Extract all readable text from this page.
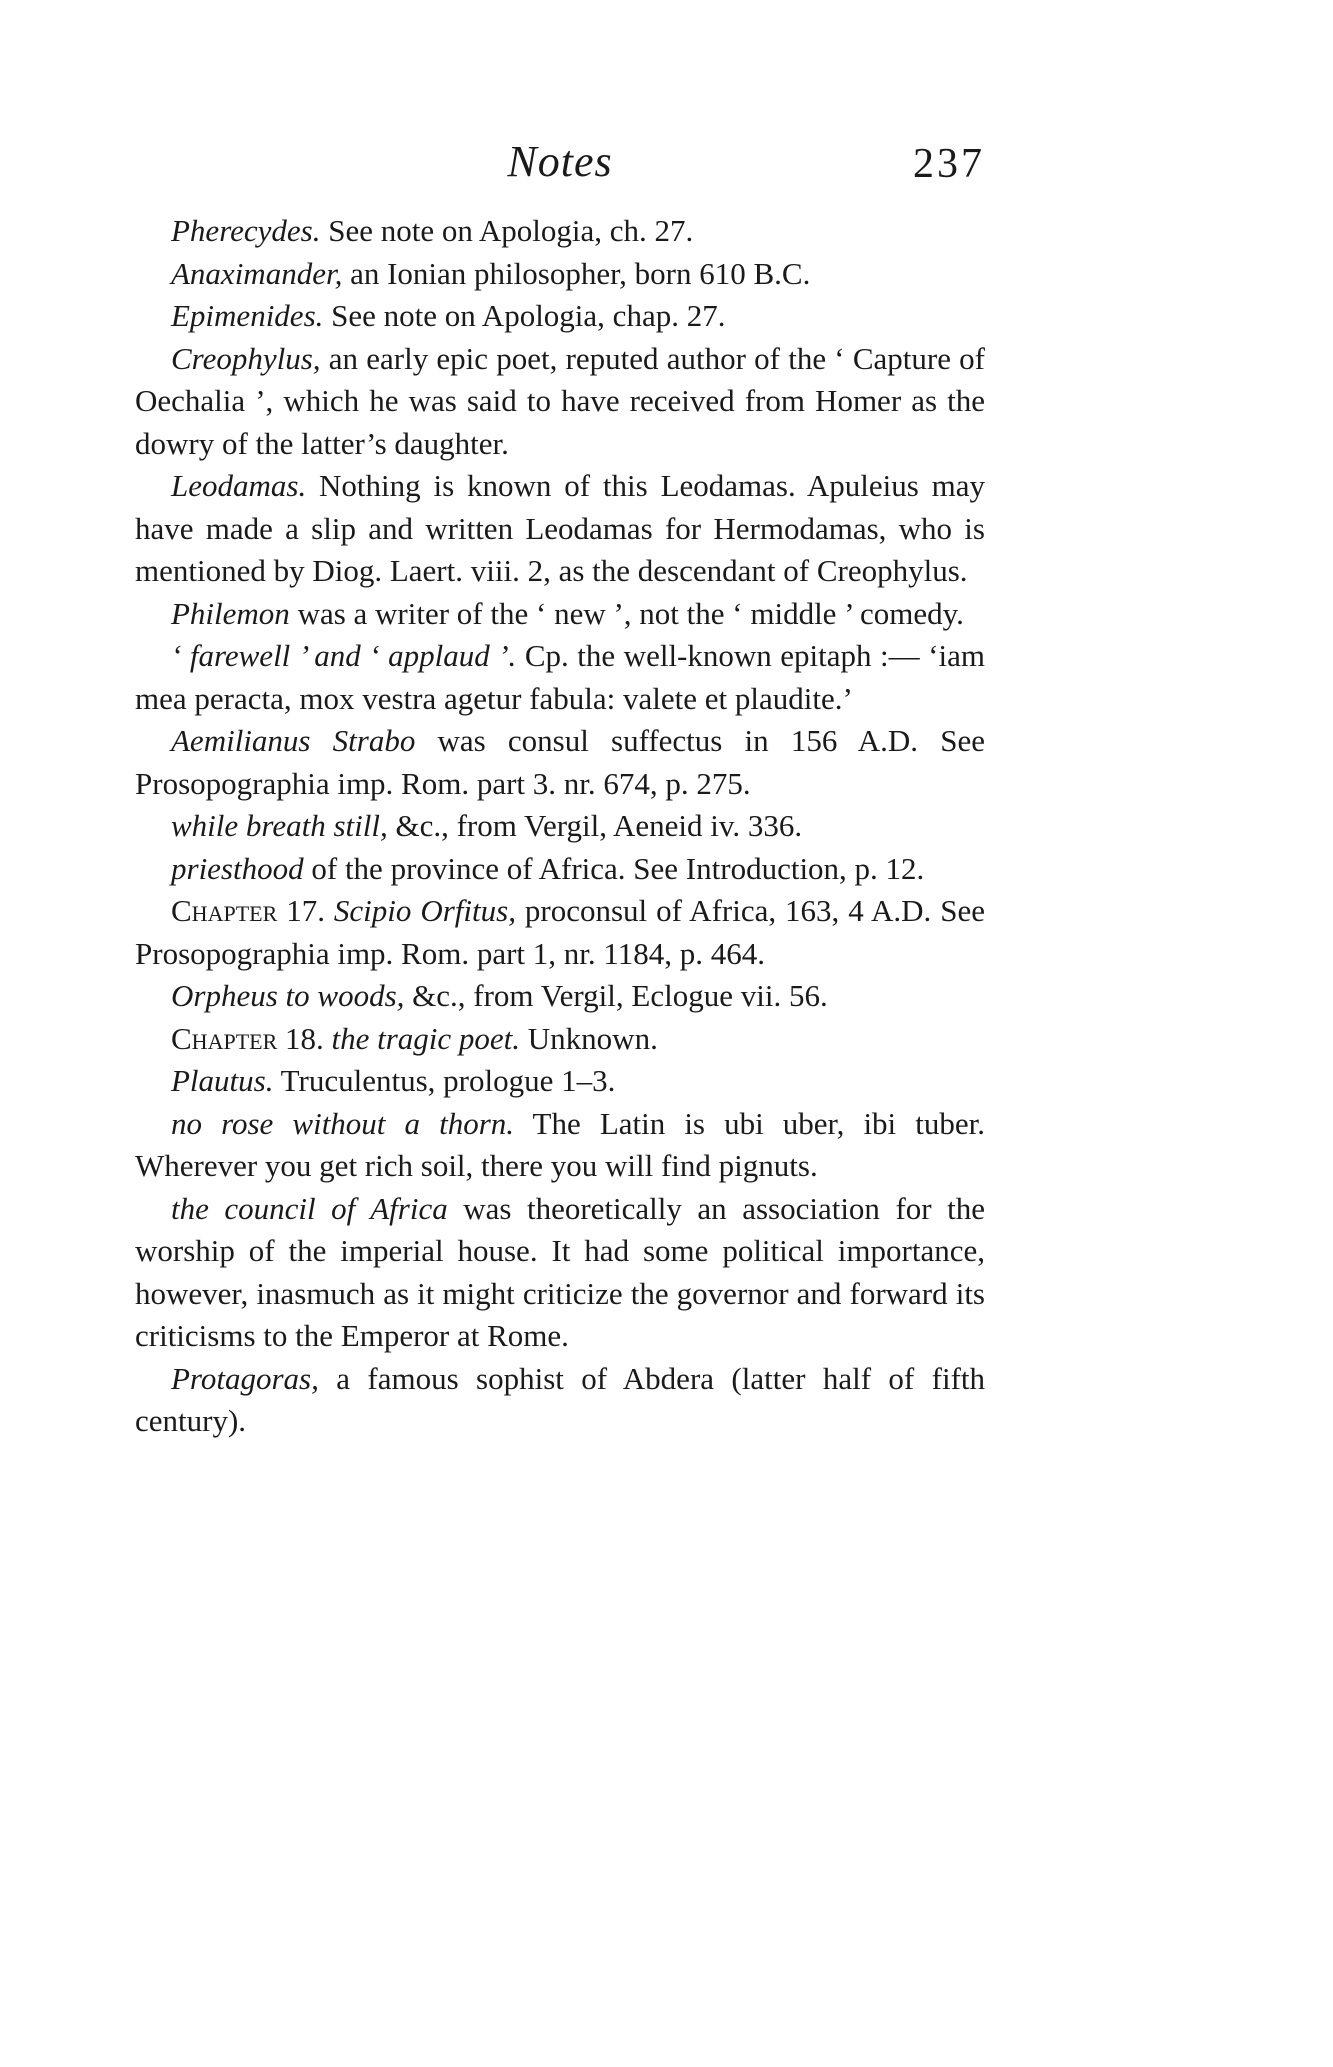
Notes	237

Pherecydes. See note on Apologia, ch. 27.

Anaximander, an Ionian philosopher, born 610 B.C.

Epimenides. See note on Apologia, chap. 27.

Creophylus, an early epic poet, reputed author of the ‘ Capture of Oechalia ’, which he was said to have received from Homer as the dowry of the latter’s daughter.

Leodamas. Nothing is known of this Leodamas. Apuleius may have made a slip and written Leodamas for Hermodamas, who is mentioned by Diog. Laert. viii. 2, as the descendant of Creophylus.

Philemon was a writer of the ‘ new ’, not the ‘ middle ’ comedy.

‘ farewell ’ and ‘ applaud ’. Cp. the well-known epitaph :— ‘iam mea peracta, mox vestra agetur fabula: valete et plaudite.’

Aemilianus Strabo was consul suffectus in 156 A.D. See Prosopographia imp. Rom. part 3. nr. 674, p. 275.

while breath still, &c., from Vergil, Aeneid iv. 336.

priesthood of the province of Africa. See Introduction, p. 12.

Chapter 17. Scipio Orfitus, proconsul of Africa, 163, 4 A.D. See Prosopographia imp. Rom. part 1, nr. 1184, p. 464.

Orpheus to woods, &c., from Vergil, Eclogue vii. 56.

Chapter 18. the tragic poet. Unknown.

Plautus. Truculentus, prologue 1–3.

no rose without a thorn. The Latin is ubi uber, ibi tuber. Wherever you get rich soil, there you will find pignuts.

the council of Africa was theoretically an association for the worship of the imperial house. It had some political importance, however, inasmuch as it might criticize the governor and forward its criticisms to the Emperor at Rome.

Protagoras, a famous sophist of Abdera (latter half of fifth century).
